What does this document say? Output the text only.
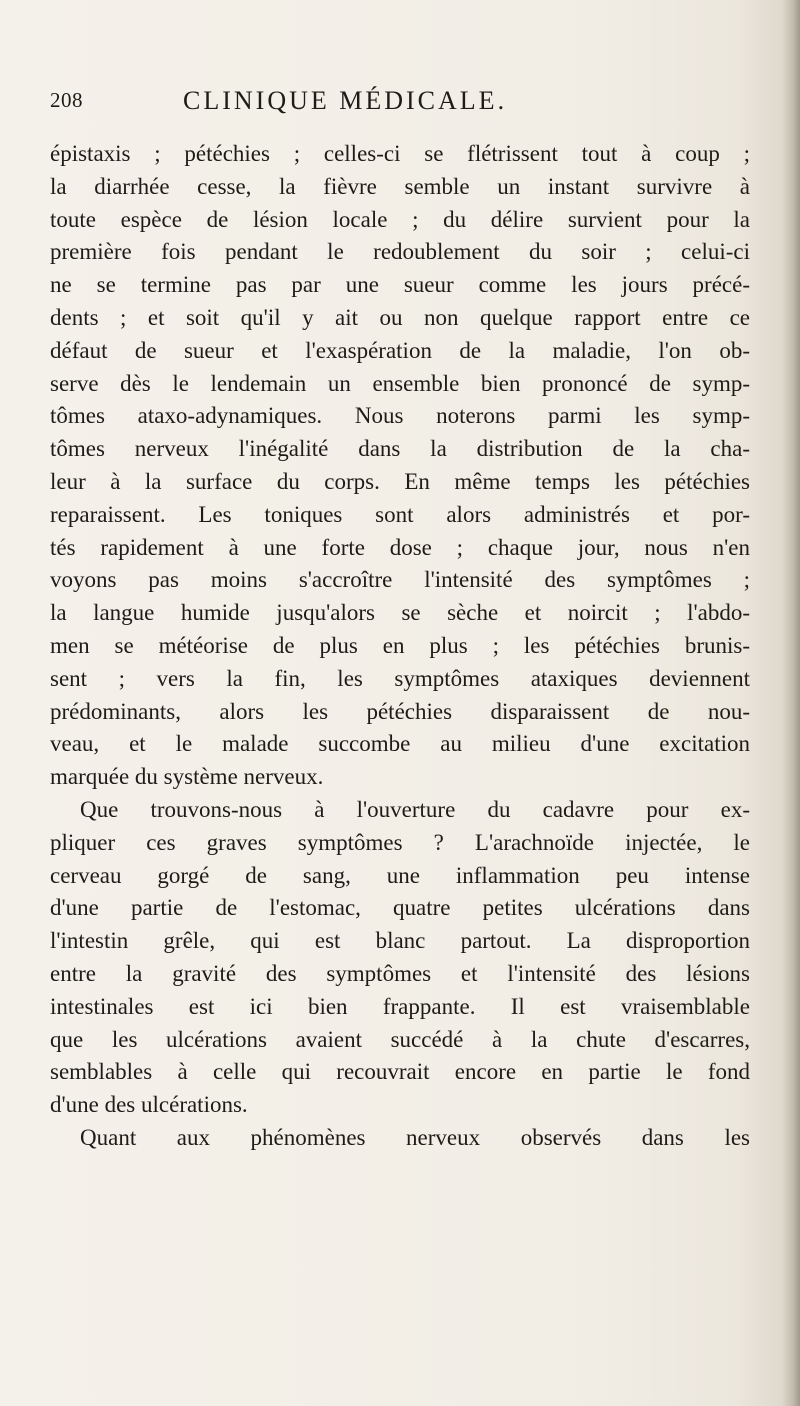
208	CLINIQUE MÉDICALE.
épistaxis ; pétéchies ; celles-ci se flétrissent tout à coup ;
la diarrhée cesse, la fièvre semble un instant survivre à
toute espèce de lésion locale ; du délire survient pour la
première fois pendant le redoublement du soir ; celui-ci
ne se termine pas par une sueur comme les jours précé-
dents ; et soit qu'il y ait ou non quelque rapport entre ce
défaut de sueur et l'exaspération de la maladie, l'on ob-
serve dès le lendemain un ensemble bien prononcé de symp-
tômes ataxo-adynamiques. Nous noterons parmi les symp-
tômes nerveux l'inégalité dans la distribution de la cha-
leur à la surface du corps. En même temps les pétéchies
reparaissent. Les toniques sont alors administrés et por-
tés rapidement à une forte dose ; chaque jour, nous n'en
voyons pas moins s'accroître l'intensité des symptômes ;
la langue humide jusqu'alors se sèche et noircit ; l'abdo-
men se météorise de plus en plus ; les pétéchies brunis-
sent ; vers la fin, les symptômes ataxiques deviennent
prédominants, alors les pétéchies disparaissent de nou-
veau, et le malade succombe au milieu d'une excitation
marquée du système nerveux.
Que trouvons-nous à l'ouverture du cadavre pour ex-
pliquer ces graves symptômes ? L'arachnoïde injectée, le
cerveau gorgé de sang, une inflammation peu intense
d'une partie de l'estomac, quatre petites ulcérations dans
l'intestin grêle, qui est blanc partout. La disproportion
entre la gravité des symptômes et l'intensité des lésions
intestinales est ici bien frappante. Il est vraisemblable
que les ulcérations avaient succédé à la chute d'escarres,
semblables à celle qui recouvrait encore en partie le fond
d'une des ulcérations.
Quant aux phénomènes nerveux observés dans les
